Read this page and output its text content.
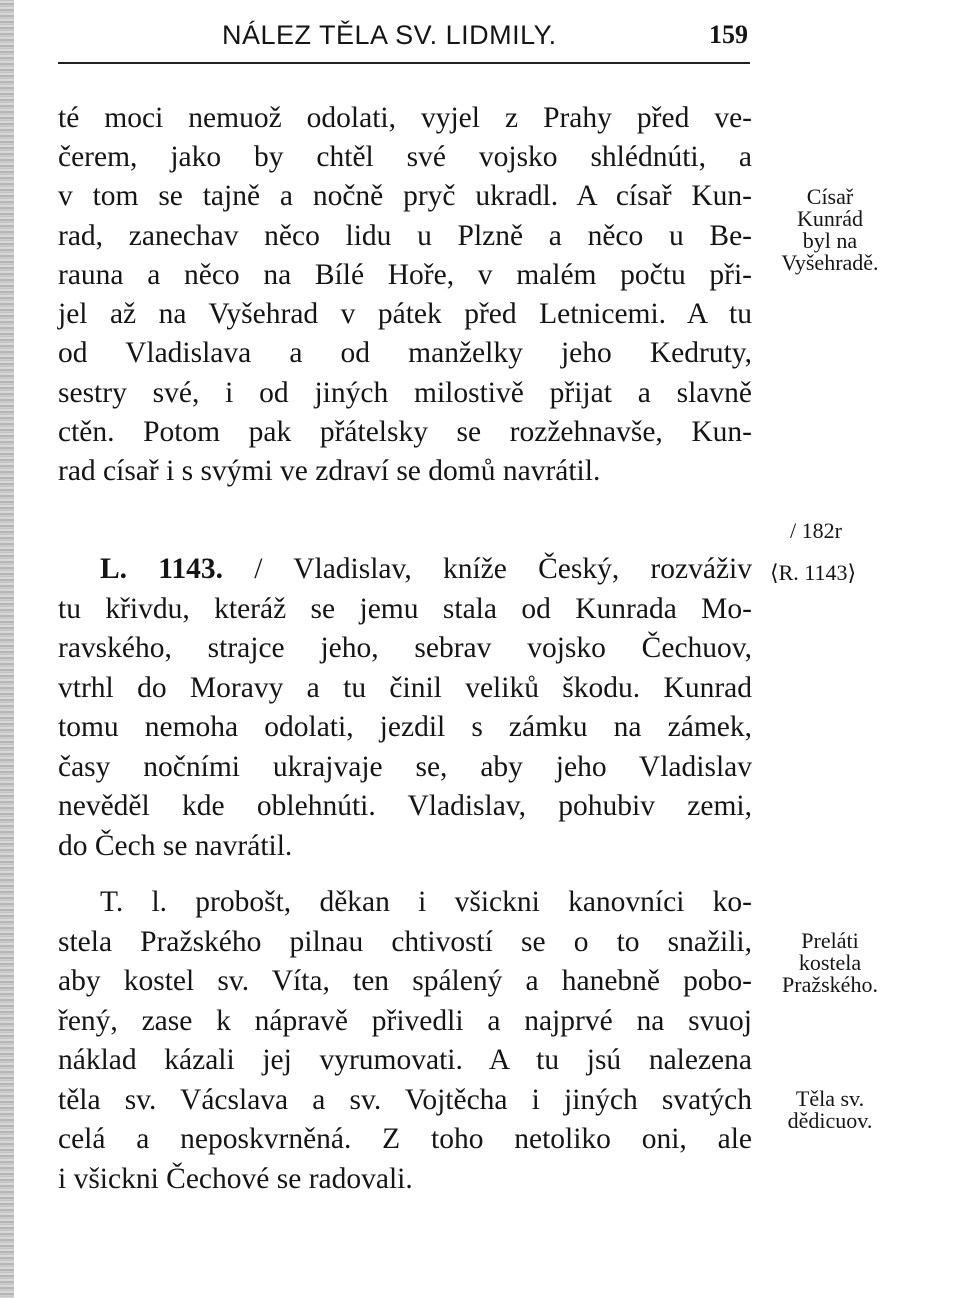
NÁLEZ TĚLA SV. LIDMILY.	159
té moci nemuož odolati, vyjel z Prahy před ve-
čerem, jako by chtěl své vojsko shlédnúti, a
v tom se tajně a nočně pryč ukradl. A císař Kun-
rad, zanechav něco lidu u Plzně a něco u Be-
rauna a něco na Bílé Hoře, v malém počtu při-
jel až na Vyšehrad v pátek před Letnicemi. A tu
od Vladislava a od manželky jeho Kedruty,
sestry své, i od jiných milostivě přijat a slavně
ctěn. Potom pak přátelsky se rozžehnavše, Kun-
rad císař i s svými ve zdraví se domů navrátil.
L. 1143. / Vladislav, kníže Český, rozváživ
tu křivdu, kteráž se jemu stala od Kunrada Mo-
ravského, strajce jeho, sebrav vojsko Čechuov,
vtrhl do Moravy a tu činil veliků škodu. Kunrad
tomu nemoha odolati, jezdil s zámku na zámek,
časy nočními ukrajvaje se, aby jeho Vladislav
nevěděl kde oblehnúti. Vladislav, pohubiv zemi,
do Čech se navrátil.
T. l. probošt, děkan i všickni kanovníci ko-
stela Pražského pilnau chtivostí se o to snažili,
aby kostel sv. Víta, ten spálený a hanebně pobo-
řený, zase k nápravě přivedli a najprvé na svuoj
náklad kázali jej vyrumovati. A tu jsú nalezena
těla sv. Vácslava a sv. Vojtěcha i jiných svatých
celá a neposkvrněná. Z toho netoliko oni, ale
i všickni Čechové se radovali.
Císař
Kunrád
byl na
Vyšehradě.
/ 182r
⟨R. 1143⟩
Preláti
kostela
Pražského.
Těla sv.
dědicuov.
